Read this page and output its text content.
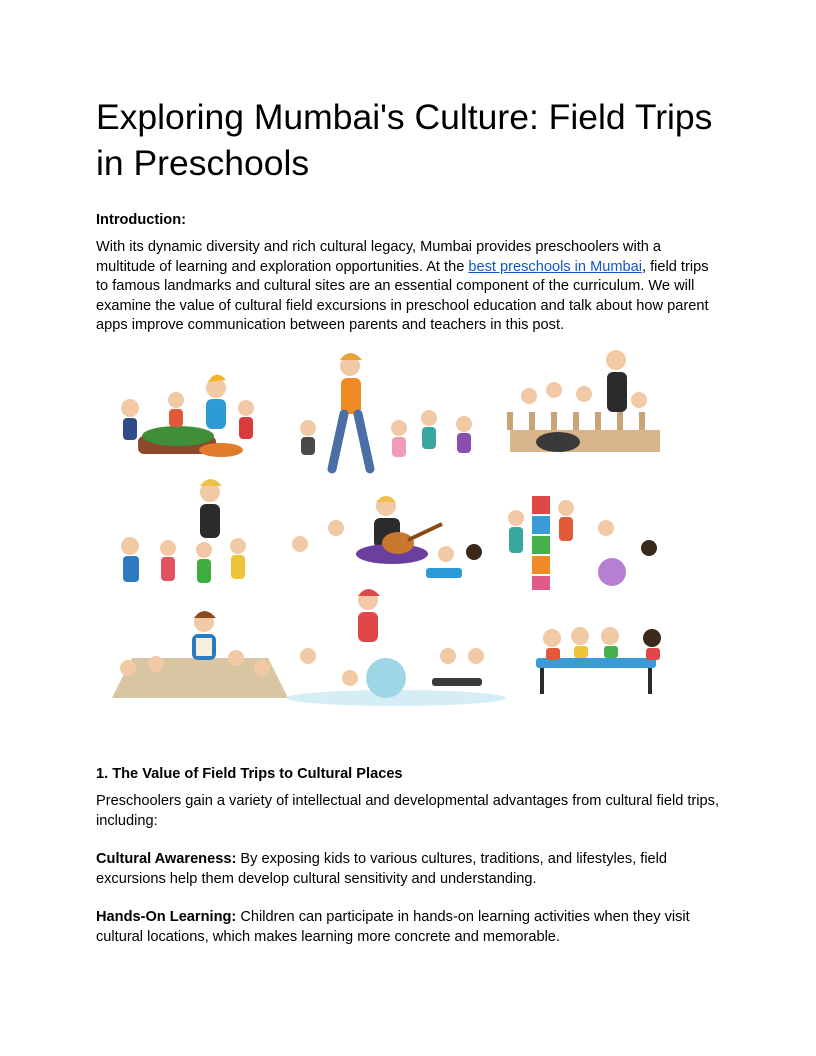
Exploring Mumbai's Culture: Field Trips in Preschools

Introduction:

With its dynamic diversity and rich cultural legacy, Mumbai provides preschoolers with a multitude of learning and exploration opportunities. At the best preschools in Mumbai, field trips to famous landmarks and cultural sites are an essential component of the curriculum. We will examine the value of cultural field excursions in preschool education and talk about how parent apps improve communication between parents and teachers in this post.

1. The Value of Field Trips to Cultural Places

Preschoolers gain a variety of intellectual and developmental advantages from cultural field trips, including:

Cultural Awareness: By exposing kids to various cultures, traditions, and lifestyles, field excursions help them develop cultural sensitivity and understanding.

Hands-On Learning: Children can participate in hands-on learning activities when they visit cultural locations, which makes learning more concrete and memorable.
